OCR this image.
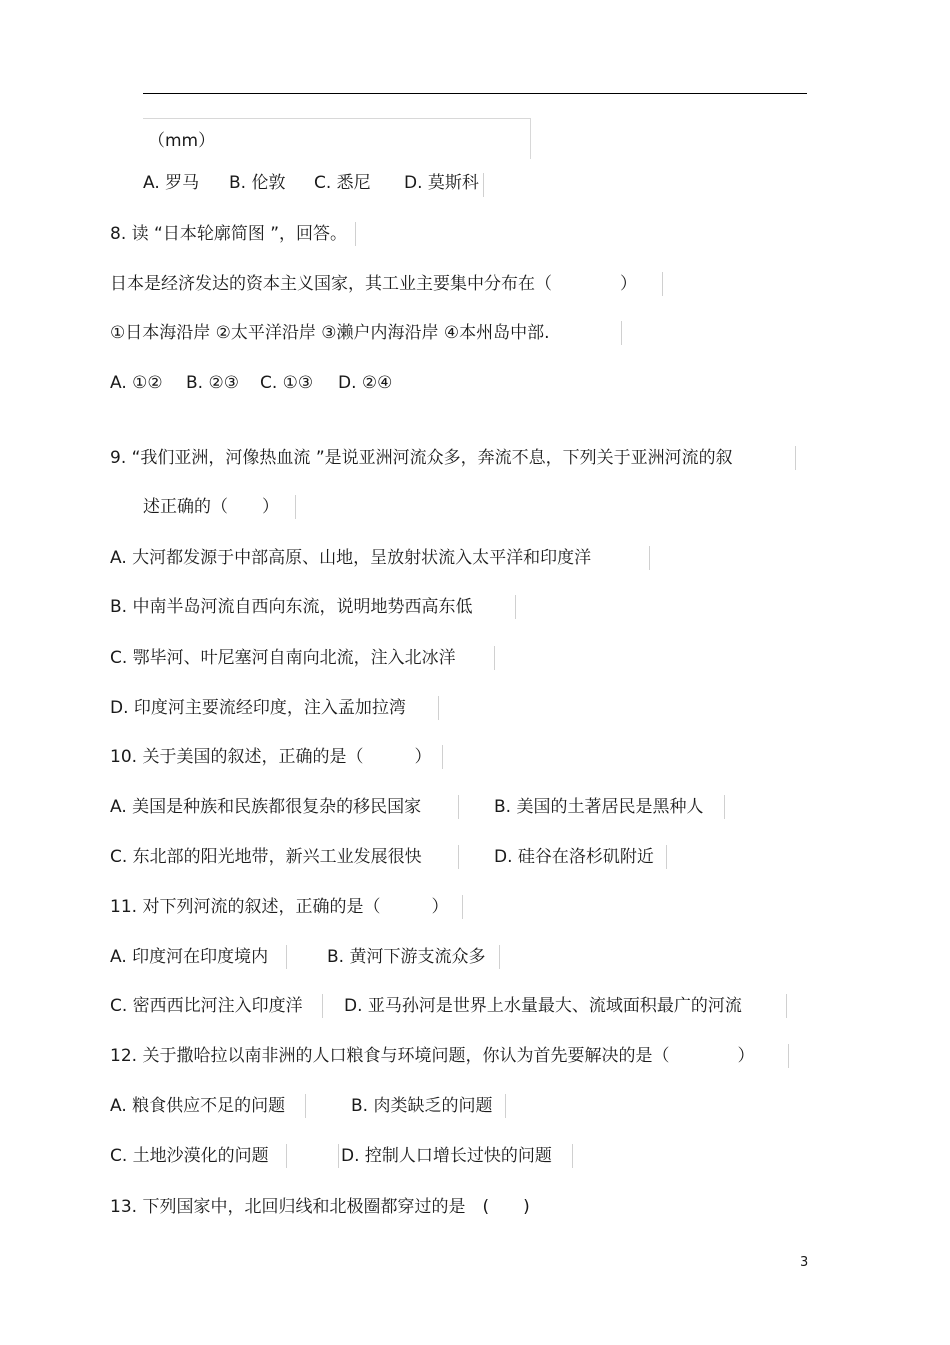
（mm）
A. 罗马 B. 伦敦 C. 悉尼 D. 莫斯科
8. 读 “日本轮廓简图 ”，回答。
日本是经济发达的资本主义国家，其工业主要集中分布在（　　　　）
①日本海沿岸 ②太平洋沿岸 ③濑户内海沿岸 ④本州岛中部.
A. ①② B. ②③ C. ①③ D. ②④
9. “我们亚洲，河像热血流 ”是说亚洲河流众多，奔流不息，下列关于亚洲河流的叙
述正确的（　　）
A. 大河都发源于中部高原、山地，呈放射状流入太平洋和印度洋
B. 中南半岛河流自西向东流，说明地势西高东低
C. 鄂毕河、叶尼塞河自南向北流，注入北冰洋
D. 印度河主要流经印度，注入孟加拉湾
10. 关于美国的叙述，正确的是（　　　）
A. 美国是种族和民族都很复杂的移民国家	B. 美国的土著居民是黑种人
C. 东北部的阳光地带，新兴工业发展很快	D. 硅谷在洛杉矶附近
11. 对下列河流的叙述，正确的是（　　　）
A. 印度河在印度境内	B. 黄河下游支流众多
C. 密西西比河注入印度洋 D. 亚马孙河是世界上水量最大、流域面积最广的河流
12. 关于撒哈拉以南非洲的人口粮食与环境问题，你认为首先要解决的是（　　　　）
A. 粮食供应不足的问题	B. 肉类缺乏的问题
C. 土地沙漠化的问题	D. 控制人口增长过快的问题
13. 下列国家中，北回归线和北极圈都穿过的是　(　　)
3
